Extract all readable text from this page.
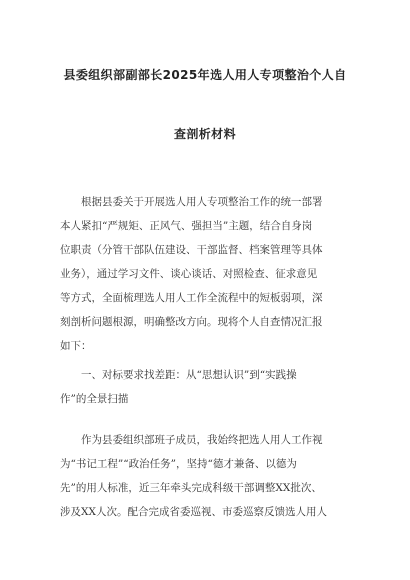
县委组织部副部长2025年选人用人专项整治个人自
查剖析材料
根据县委关于开展选人用人专项整治工作的统一部署
本人紧扣“严规矩、正风气、强担当”主题，结合自身岗
位职责（分管干部队伍建设、干部监督、档案管理等具体
业务），通过学习文件、谈心谈话、对照检查、征求意见
等方式，全面梳理选人用人工作全流程中的短板弱项，深
刻剖析问题根源，明确整改方向。现将个人自查情况汇报
如下：
一、对标要求找差距：从“思想认识”到“实践操
作”的全景扫描
作为县委组织部班子成员，我始终把选人用人工作视
为“书记工程”“政治任务”，坚持“德才兼备、以德为
先”的用人标准，近三年牵头完成科级干部调整XX批次、
涉及XX人次。配合完成省委巡视、市委巡察反馈选人用人
